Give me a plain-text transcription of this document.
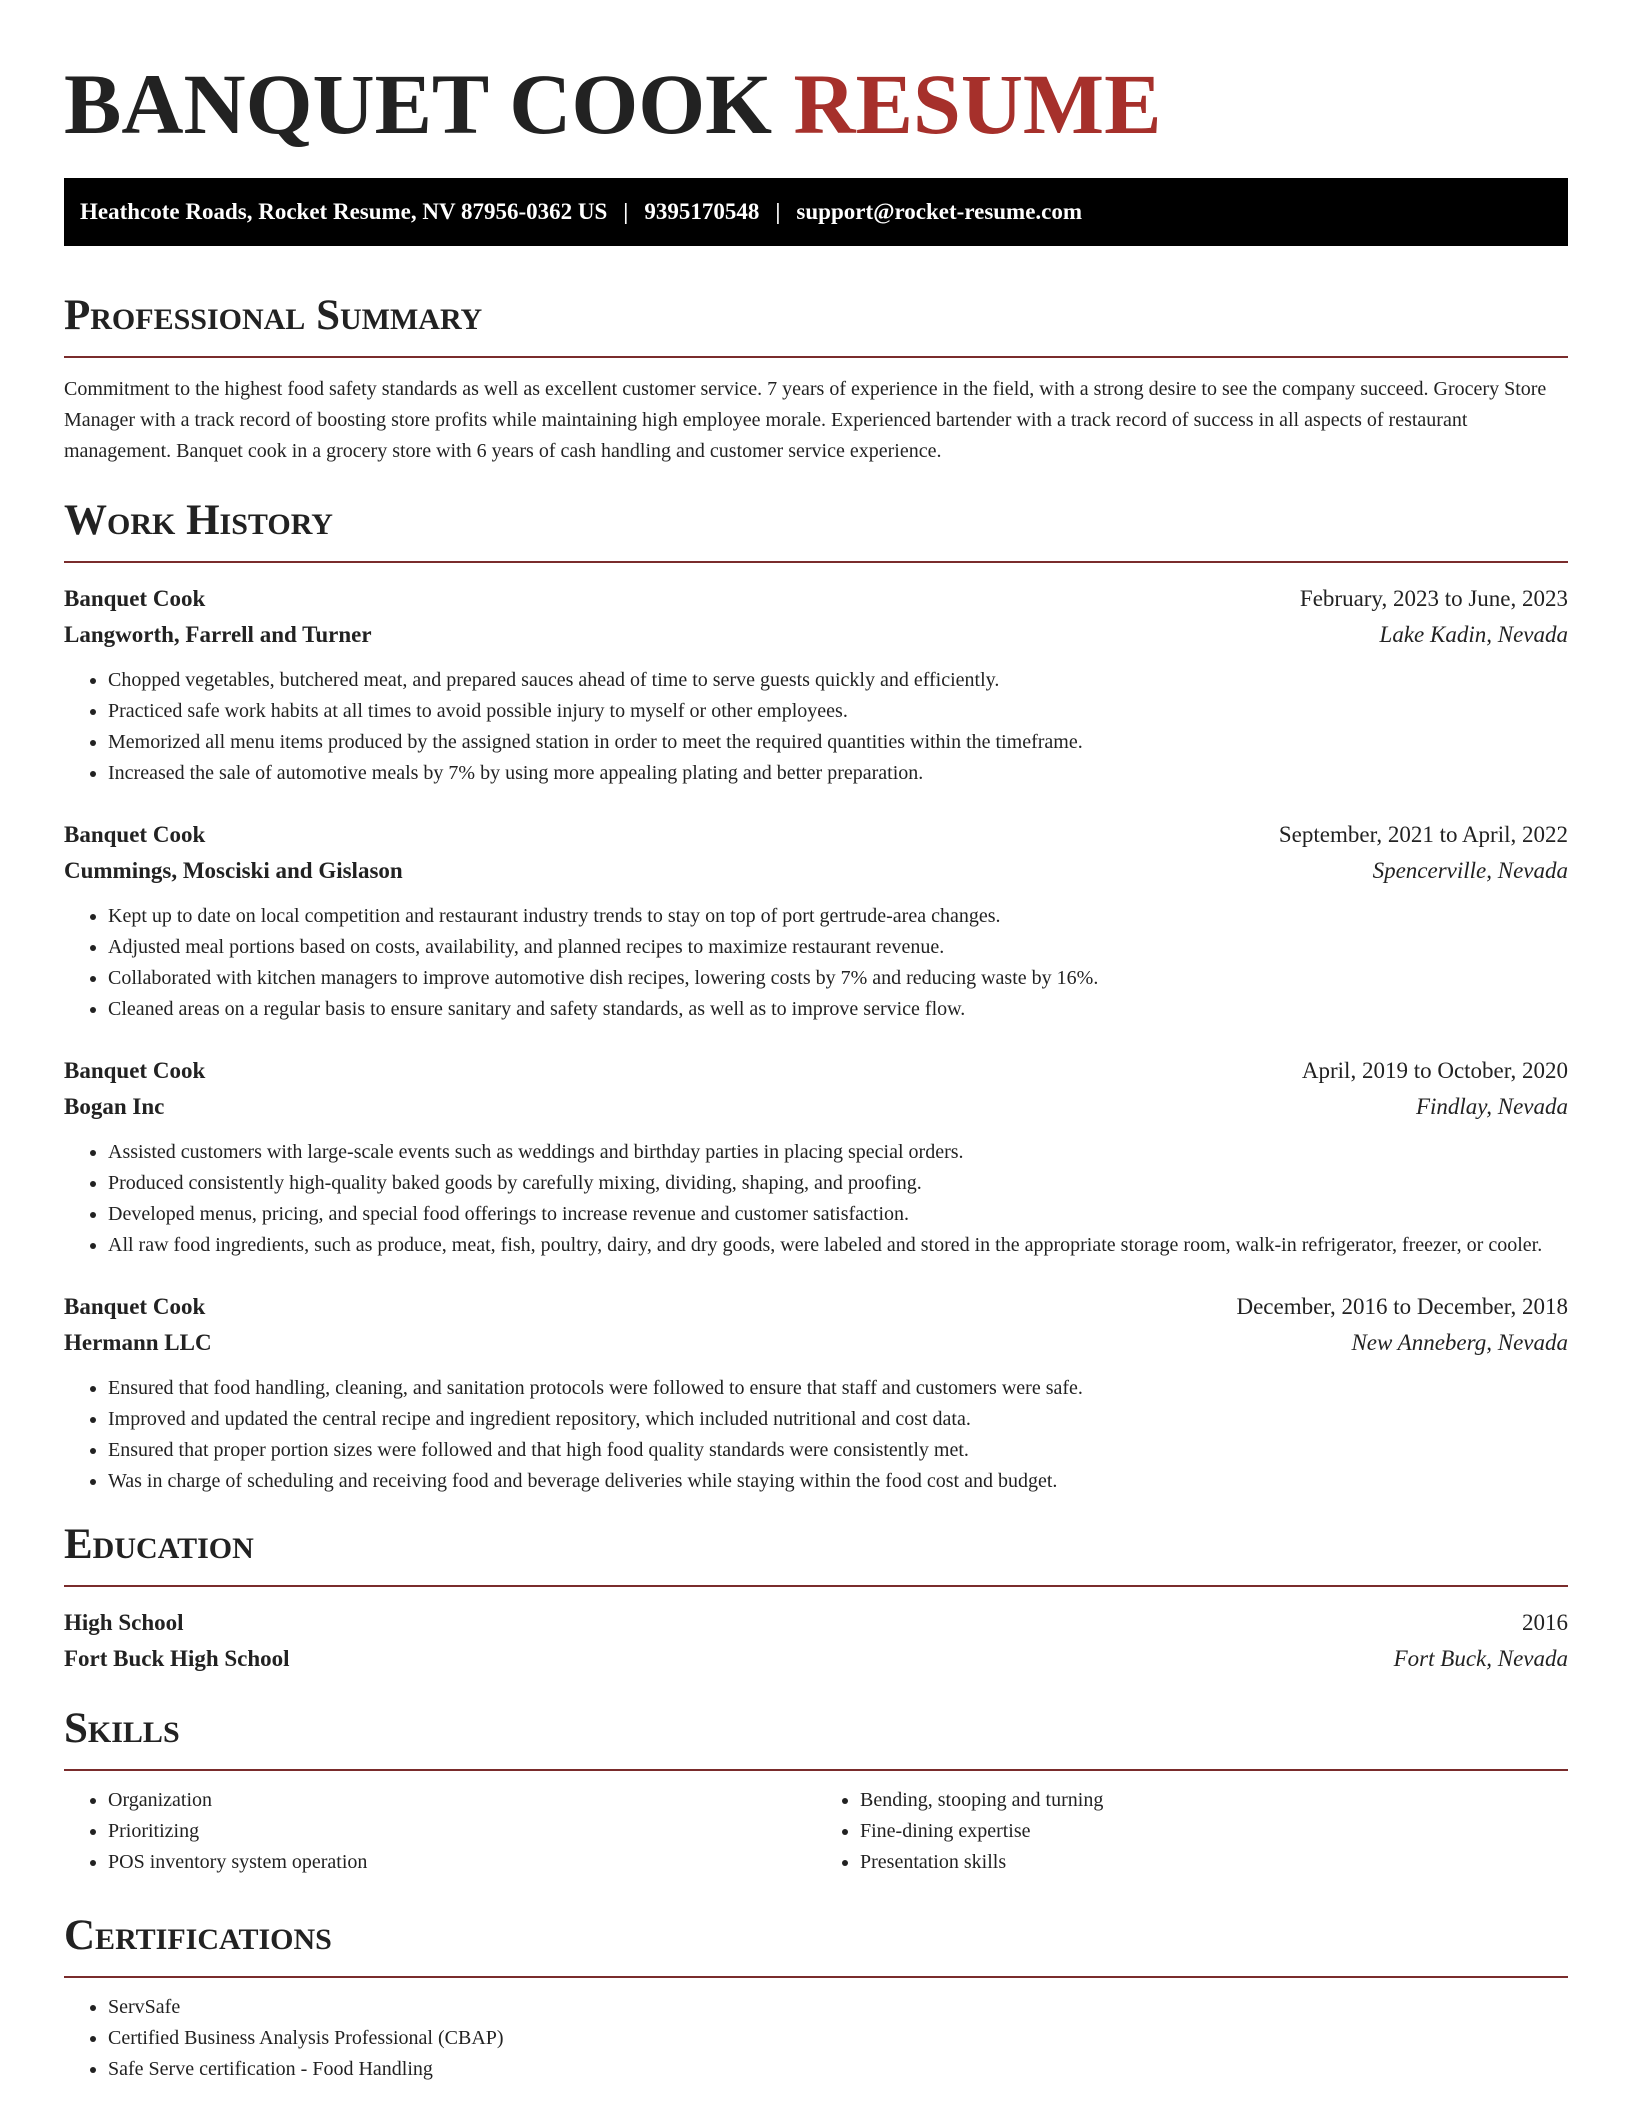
BANQUET COOK RESUME
Heathcote Roads, Rocket Resume, NV 87956-0362 US | 9395170548 | support@rocket-resume.com
Professional Summary

Commitment to the highest food safety standards as well as excellent customer service. 7 years of experience in the field, with a strong desire to see the company succeed. Grocery Store Manager with a track record of boosting store profits while maintaining high employee morale. Experienced bartender with a track record of success in all aspects of restaurant management. Banquet cook in a grocery store with 6 years of cash handling and customer service experience.

Work History
Banquet Cook	February, 2023 to June, 2023
Langworth, Farrell and Turner	Lake Kadin, Nevada
• Chopped vegetables, butchered meat, and prepared sauces ahead of time to serve guests quickly and efficiently.
• Practiced safe work habits at all times to avoid possible injury to myself or other employees.
• Memorized all menu items produced by the assigned station in order to meet the required quantities within the timeframe.
• Increased the sale of automotive meals by 7% by using more appealing plating and better preparation.
Banquet Cook	September, 2021 to April, 2022
Cummings, Mosciski and Gislason	Spencerville, Nevada
• Kept up to date on local competition and restaurant industry trends to stay on top of port gertrude-area changes.
• Adjusted meal portions based on costs, availability, and planned recipes to maximize restaurant revenue.
• Collaborated with kitchen managers to improve automotive dish recipes, lowering costs by 7% and reducing waste by 16%.
• Cleaned areas on a regular basis to ensure sanitary and safety standards, as well as to improve service flow.
Banquet Cook	April, 2019 to October, 2020
Bogan Inc	Findlay, Nevada
• Assisted customers with large-scale events such as weddings and birthday parties in placing special orders.
• Produced consistently high-quality baked goods by carefully mixing, dividing, shaping, and proofing.
• Developed menus, pricing, and special food offerings to increase revenue and customer satisfaction.
• All raw food ingredients, such as produce, meat, fish, poultry, dairy, and dry goods, were labeled and stored in the appropriate storage room, walk-in refrigerator, freezer, or cooler.
Banquet Cook	December, 2016 to December, 2018
Hermann LLC	New Anneberg, Nevada
• Ensured that food handling, cleaning, and sanitation protocols were followed to ensure that staff and customers were safe.
• Improved and updated the central recipe and ingredient repository, which included nutritional and cost data.
• Ensured that proper portion sizes were followed and that high food quality standards were consistently met.
• Was in charge of scheduling and receiving food and beverage deliveries while staying within the food cost and budget.
Education
High School	2016
Fort Buck High School	Fort Buck, Nevada
Skills
• Organization
• Prioritizing
• POS inventory system operation
• Bending, stooping and turning
• Fine-dining expertise
• Presentation skills
Certifications
• ServSafe
• Certified Business Analysis Professional (CBAP)
• Safe Serve certification - Food Handling
